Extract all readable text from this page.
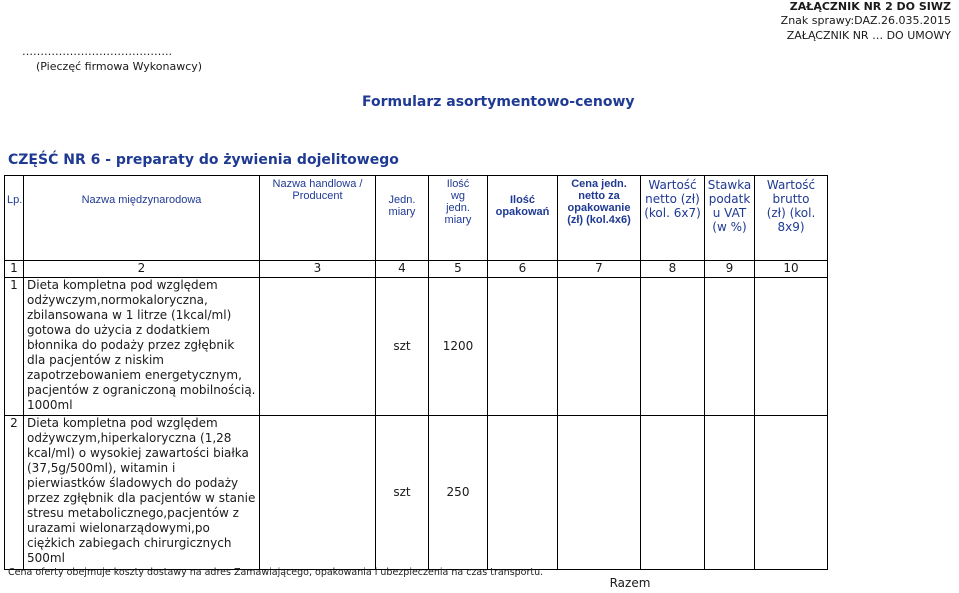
ZAŁĄCZNIK NR 2 DO SIWZ
Znak sprawy:DAZ.26.035.2015
ZAŁĄCZNIK NR … DO UMOWY
…………………………………..
(Pieczęć firmowa Wykonawcy)
Formularz asortymentowo-cenowy
CZĘŚĆ NR 6 - preparaty do żywienia dojelitowego
Lp.	Nazwa międzynarodowa	Nazwa handlowa / Producent	Jedn. miary	Ilość wg jedn. miary	Ilość opakowań	Cena jedn. netto za opakowanie (zł) (kol.4x6)	Wartość netto (zł) (kol. 6x7)	Stawka podatku VAT (w %)	Wartość brutto (zł) (kol. 8x9)

1	2	3	4	5	6	7	8	9	10
1	Dieta kompletna pod względem odżywczym,normokaloryczna, zbilansowana w 1 litrze (1kcal/ml) gotowa do użycia z dodatkiem błonnika do podaży przez zgłębnik dla pacjentów z niskim zapotrzebowaniem energetycznym, pacjentów z ograniczoną mobilnością. 1000ml		szt	1200					
2	Dieta kompletna pod względem odżywczym,hiperkaloryczna (1,28 kcal/ml) o wysokiej zawartości białka (37,5g/500ml), witamin i pierwiastków śladowych do podaży przez zgłębnik dla pacjentów w stanie stresu metabolicznego,pacjentów z urazami wielonarządowymi,po ciężkich zabiegach chirurgicznych 500ml		szt	250					
Cena oferty obejmuje koszty dostawy na adres Zamawiającego, opakowania i ubezpieczenia na czas transportu.
Razem
